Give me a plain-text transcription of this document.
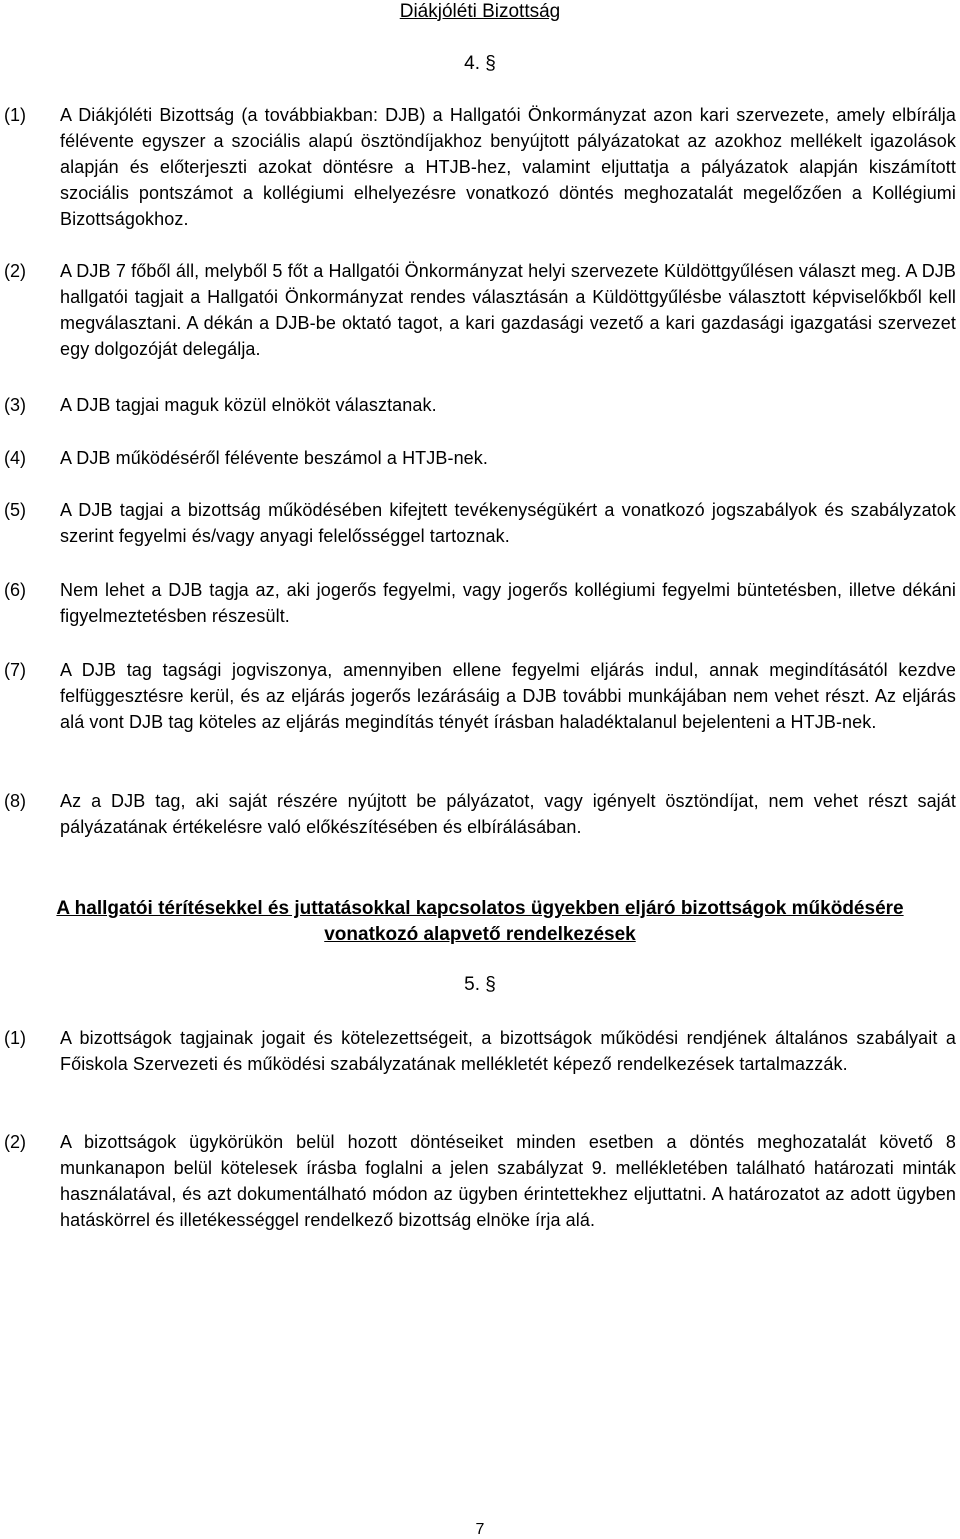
Diákjóléti Bizottság
4. §
(1)	A Diákjóléti Bizottság (a továbbiakban: DJB) a Hallgatói Önkormányzat azon kari szervezete, amely elbírálja félévente egyszer a szociális alapú ösztöndíjakhoz benyújtott pályázatokat az azokhoz mellékelt igazolások alapján és előterjeszti azokat döntésre a HTJB-hez, valamint eljuttatja a pályázatok alapján kiszámított szociális pontszámot a kollégiumi elhelyezésre vonatkozó döntés meghozatalát megelőzően a Kollégiumi Bizottságokhoz.
(2)	A DJB 7 főből áll, melyből 5 főt a Hallgatói Önkormányzat helyi szervezete Küldöttgyűlésen választ meg. A DJB hallgatói tagjait a Hallgatói Önkormányzat rendes választásán a Küldöttgyűlésbe választott képviselőkből kell megválasztani. A dékán a DJB-be oktató tagot, a kari gazdasági vezető a kari gazdasági igazgatási szervezet egy dolgozóját delegálja.
(3)	A DJB tagjai maguk közül elnököt választanak.
(4)	A DJB működéséről félévente beszámol a HTJB-nek.
(5)	A DJB tagjai a bizottság működésében kifejtett tevékenységükért a vonatkozó jogszabályok és szabályzatok szerint fegyelmi és/vagy anyagi felelősséggel tartoznak.
(6)	Nem lehet a DJB tagja az, aki jogerős fegyelmi, vagy jogerős kollégiumi fegyelmi büntetésben, illetve dékáni figyelmeztetésben részesült.
(7)	A DJB tag tagsági jogviszonya, amennyiben ellene fegyelmi eljárás indul, annak megindításától kezdve felfüggesztésre kerül, és az eljárás jogerős lezárásáig a DJB további munkájában nem vehet részt. Az eljárás alá vont DJB tag köteles az eljárás megindítás tényét írásban haladéktalanul bejelenteni a HTJB-nek.
(8)	Az a DJB tag, aki saját részére nyújtott be pályázatot, vagy igényelt ösztöndíjat, nem vehet részt saját pályázatának értékelésre való előkészítésében és elbírálásában.
A hallgatói térítésekkel és juttatásokkal kapcsolatos ügyekben eljáró bizottságok működésére
vonatkozó alapvető rendelkezések
5. §
(1)	A bizottságok tagjainak jogait és kötelezettségeit, a bizottságok működési rendjének általános szabályait a Főiskola Szervezeti és működési szabályzatának mellékletét képező rendelkezések tartalmazzák.
(2)	A bizottságok ügykörükön belül hozott döntéseiket minden esetben a döntés meghozatalát követő 8 munkanapon belül kötelesek írásba foglalni a jelen szabályzat 9. mellékletében található határozati minták használatával, és azt dokumentálható módon az ügyben érintettekhez eljuttatni. A határozatot az adott ügyben hatáskörrel és illetékességgel rendelkező bizottság elnöke írja alá.
7
